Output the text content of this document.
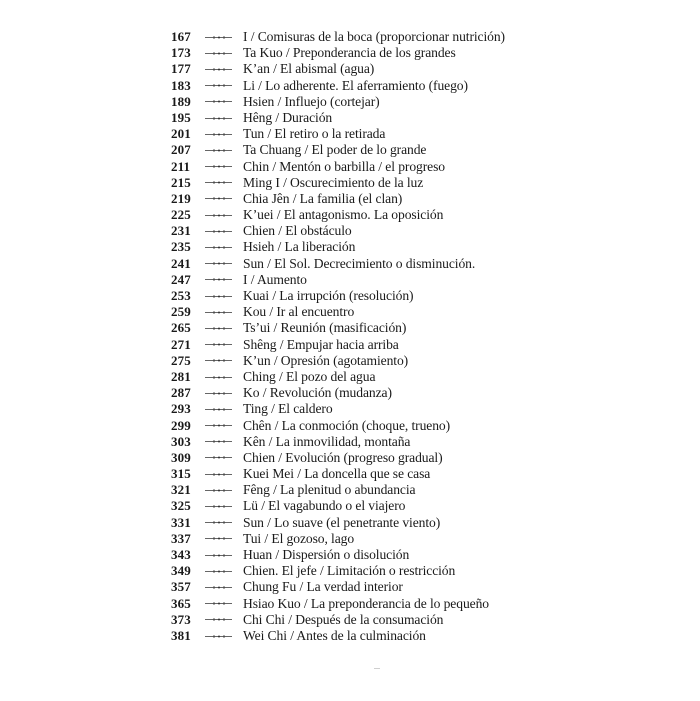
167	I / Comisuras de la boca (proporcionar nutrición)
173	Ta Kuo / Preponderancia de los grandes
177	K’an / El abismal (agua)
183	Li / Lo adherente. El aferramiento (fuego)
189	Hsien / Influejo (cortejar)
195	Hêng / Duración
201	Tun / El retiro o la retirada
207	Ta Chuang / El poder de lo grande
211	Chin / Mentón o barbilla / el progreso
215	Ming I / Oscurecimiento de la luz
219	Chia Jên / La familia (el clan)
225	K’uei / El antagonismo. La oposición
231	Chien / El obstáculo
235	Hsieh / La liberación
241	Sun / El Sol. Decrecimiento o disminución.
247	I / Aumento
253	Kuai / La irrupción (resolución)
259	Kou / Ir al encuentro
265	Ts’ui / Reunión (masificación)
271	Shêng / Empujar hacia arriba
275	K’un / Opresión (agotamiento)
281	Ching / El pozo del agua
287	Ko / Revolución (mudanza)
293	Ting / El caldero
299	Chên / La conmoción (choque, trueno)
303	Kên / La inmovilidad, montaña
309	Chien / Evolución (progreso gradual)
315	Kuei Mei / La doncella que se casa
321	Fêng / La plenitud o abundancia
325	Lü / El vagabundo o el viajero
331	Sun / Lo suave (el penetrante viento)
337	Tui / El gozoso, lago
343	Huan / Dispersión o disolución
349	Chien. El jefe / Limitación o restricción
357	Chung Fu / La verdad interior
365	Hsiao Kuo / La preponderancia de lo pequeño
373	Chi Chi / Después de la consumación
381	Wei Chi / Antes de la culminación
